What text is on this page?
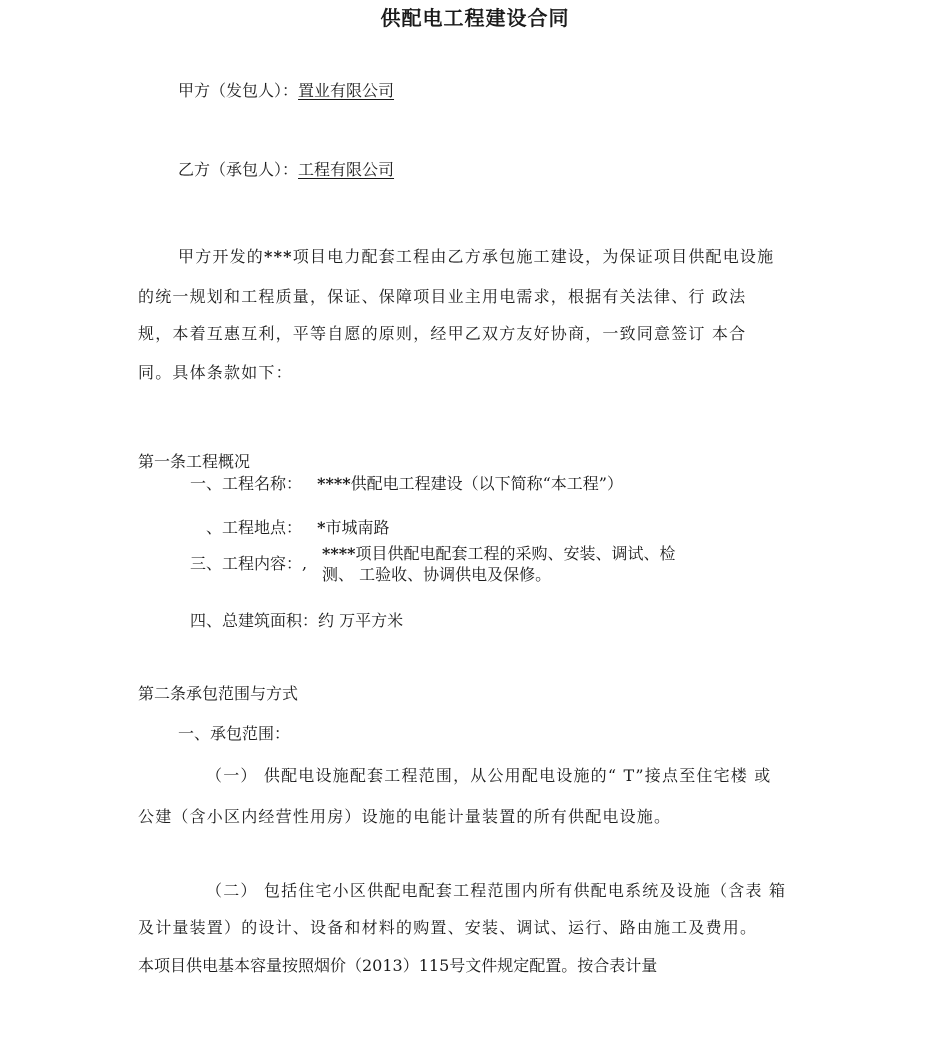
供配电工程建设合同
甲方（发包人）：置业有限公司
乙方（承包人）：工程有限公司
甲方开发的***项目电力配套工程由乙方承包施工建设，为保证项目供配电设施
的统一规划和工程质量，保证、保障项目业主用电需求，根据有关法律、行 政法
规，本着互惠互利，平等自愿的原则，经甲乙双方友好协商，一致同意签订 本合
同。具体条款如下：
第一条工程概况
一、工程名称： ****供配电工程建设（以下简称“本工程”）
、工程地点： *市城南路
三、工程内容：,
****项目供配电配套工程的采购、安装、调试、检
测、 工验收、协调供电及保修。
四、总建筑面积：约 万平方米
第二条承包范围与方式
一、承包范围：
（一） 供配电设施配套工程范围，从公用配电设施的“ T”接点至住宅楼 或
公建（含小区内经营性用房）设施的电能计量装置的所有供配电设施。
（二） 包括住宅小区供配电配套工程范围内所有供配电系统及设施（含表 箱
及计量装置）的设计、设备和材料的购置、安装、调试、运行、路由施工及费用。
本项目供电基本容量按照烟价（2013）115号文件规定配置。按合表计量
